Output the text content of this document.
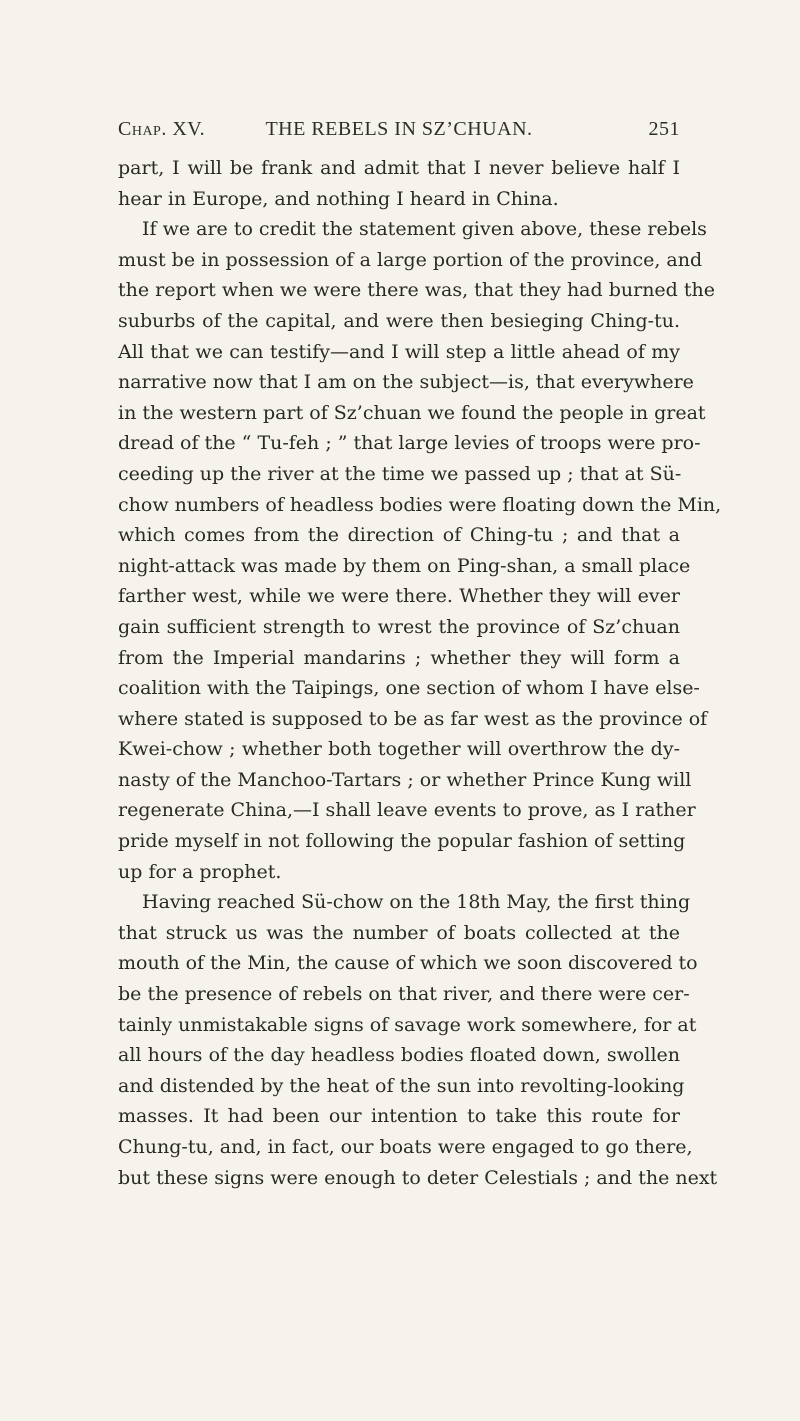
Chap. XV.	THE REBELS IN SZ’CHUAN.	251
part, I will be frank and admit that I never believe half I
hear in Europe, and nothing I heard in China.
If we are to credit the statement given above, these rebels
must be in possession of a large portion of the province, and
the report when we were there was, that they had burned the
suburbs of the capital, and were then besieging Ching-tu.
All that we can testify—and I will step a little ahead of my
narrative now that I am on the subject—is, that everywhere
in the western part of Sz’chuan we found the people in great
dread of the “ Tu-feh ; ” that large levies of troops were pro-
ceeding up the river at the time we passed up ; that at Sü-
chow numbers of headless bodies were floating down the Min,
which comes from the direction of Ching-tu ; and that a
night-attack was made by them on Ping-shan, a small place
farther west, while we were there. Whether they will ever
gain sufficient strength to wrest the province of Sz’chuan
from the Imperial mandarins ; whether they will form a
coalition with the Taipings, one section of whom I have else-
where stated is supposed to be as far west as the province of
Kwei-chow ; whether both together will overthrow the dy-
nasty of the Manchoo-Tartars ; or whether Prince Kung will
regenerate China,—I shall leave events to prove, as I rather
pride myself in not following the popular fashion of setting
up for a prophet.
Having reached Sü-chow on the 18th May, the first thing
that struck us was the number of boats collected at the
mouth of the Min, the cause of which we soon discovered to
be the presence of rebels on that river, and there were cer-
tainly unmistakable signs of savage work somewhere, for at
all hours of the day headless bodies floated down, swollen
and distended by the heat of the sun into revolting-looking
masses. It had been our intention to take this route for
Chung-tu, and, in fact, our boats were engaged to go there,
but these signs were enough to deter Celestials ; and the next
